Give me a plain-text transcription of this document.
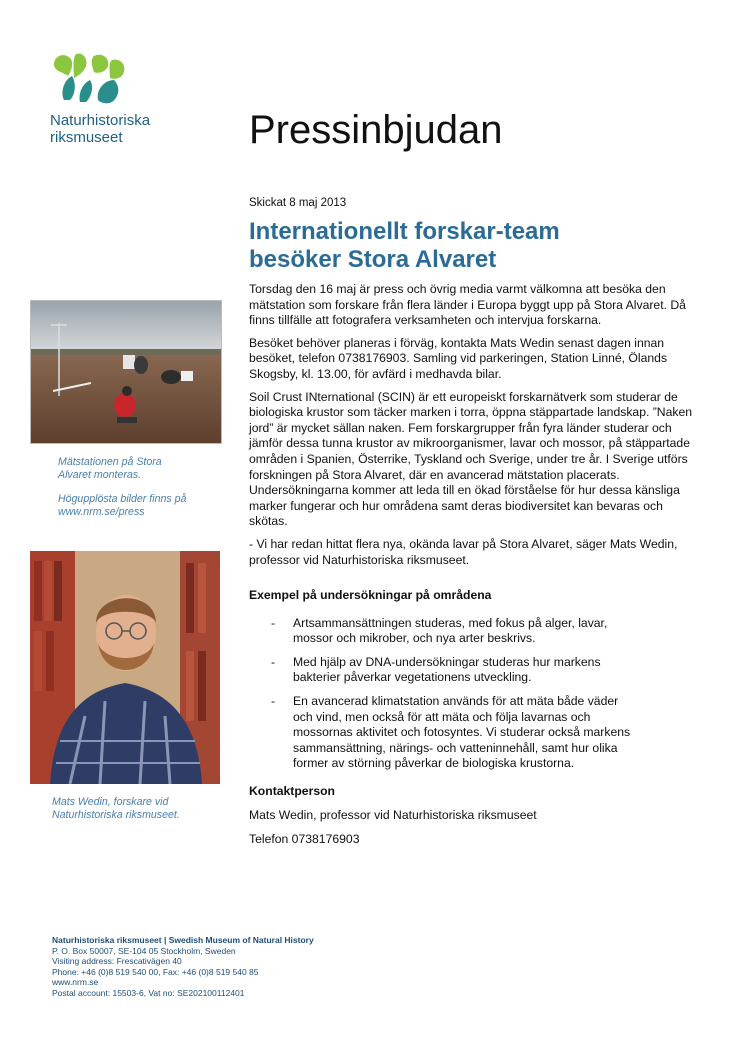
Naturhistoriska
riksmuseet	Pressinbjudan
Skickat 8 maj 2013
Internationellt forskar-team
besöker Stora Alvaret

Torsdag den 16 maj är press och övrig media varmt välkomna att besöka den mätstation som forskare från flera länder i Europa byggt upp på Stora Alvaret. Då finns tillfälle att fotografera verksamheten och intervjua forskarna.

Besöket behöver planeras i förväg, kontakta Mats Wedin senast dagen innan besöket, telefon 0738176903. Samling vid parkeringen, Station Linné, Ölands Skogsby, kl. 13.00, för avfärd i medhavda bilar.

Soil Crust INternational (SCIN) är ett europeiskt forskarnätverk som studerar de biologiska krustor som täcker marken i torra, öppna stäppartade landskap. ”Naken jord” är mycket sällan naken. Fem forskargrupper från fyra länder studerar och jämför dessa tunna krustor av mikroorganismer, lavar och mossor, på stäppartade områden i Spanien, Österrike, Tyskland och Sverige, under tre år. I Sverige utförs forskningen på Stora Alvaret, där en avancerad mätstation placerats. Undersökningarna kommer att leda till en ökad förståelse för hur dessa känsliga marker fungerar och hur områdena samt deras biodiversitet kan bevaras och skötas.

- Vi har redan hittat flera nya, okända lavar på Stora Alvaret, säger Mats Wedin, professor vid Naturhistoriska riksmuseet.

Exempel på undersökningar på områdena
- Artsammansättningen studeras, med fokus på alger, lavar, mossor och mikrober, och nya arter beskrivs.
- Med hjälp av DNA-undersökningar studeras hur markens bakterier påverkar vegetationens utveckling.
- En avancerad klimatstation används för att mäta både väder och vind, men också för att mäta och följa lavarnas och mossornas aktivitet och fotosyntes. Vi studerar också markens sammansättning, närings- och vatteninnehåll, samt hur olika former av störning påverkar de biologiska krustorna.
Kontaktperson
Mats Wedin, professor vid Naturhistoriska riksmuseet
Telefon 0738176903
Mätstationen på Stora
Alvaret monteras.
Högupplösta bilder finns på
www.nrm.se/press
Mats Wedin, forskare vid
Naturhistoriska riksmuseet.
Naturhistoriska riksmuseet | Swedish Museum of Natural History
P. O. Box 50007, SE-104 05 Stockholm, Sweden
Visiting address: Frescativägen 40
Phone: +46 (0)8 519 540 00, Fax: +46 (0)8 519 540 85
www.nrm.se
Postal account: 15503-6, Vat no: SE202100112401
